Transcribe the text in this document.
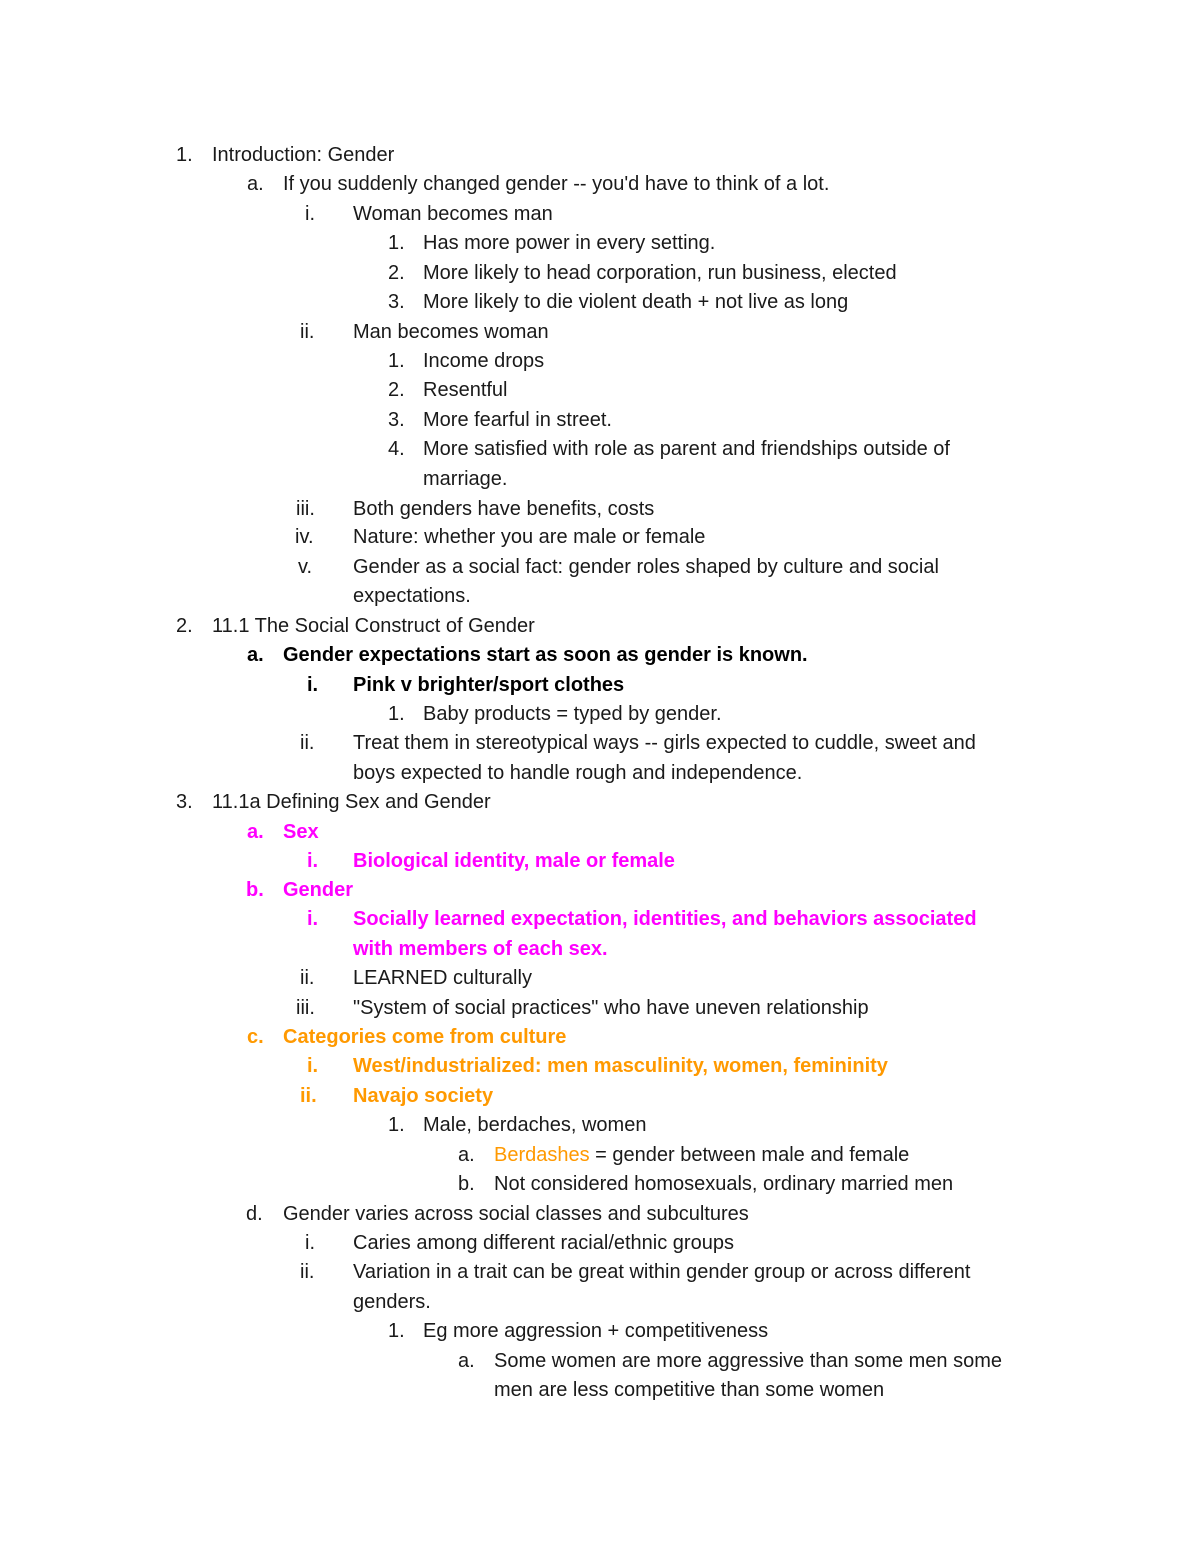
1. Introduction: Gender
a. If you suddenly changed gender -- you'd have to think of a lot.
i. Woman becomes man
1. Has more power in every setting.
2. More likely to head corporation, run business, elected
3. More likely to die violent death + not live as long
ii. Man becomes woman
1. Income drops
2. Resentful
3. More fearful in street.
4. More satisfied with role as parent and friendships outside of
marriage.
iii. Both genders have benefits, costs
iv. Nature: whether you are male or female
v. Gender as a social fact: gender roles shaped by culture and social
expectations.
2. 11.1 The Social Construct of Gender
a. Gender expectations start as soon as gender is known.
i. Pink v brighter/sport clothes
1. Baby products = typed by gender.
ii. Treat them in stereotypical ways -- girls expected to cuddle, sweet and
boys expected to handle rough and independence.
3. 11.1a Defining Sex and Gender
a. Sex
i. Biological identity, male or female
b. Gender
i. Socially learned expectation, identities, and behaviors associated
with members of each sex.
ii. LEARNED culturally
iii. "System of social practices" who have uneven relationship
c. Categories come from culture
i. West/industrialized: men masculinity, women, femininity
ii. Navajo society
1. Male, berdaches, women
a. Berdashes = gender between male and female
b. Not considered homosexuals, ordinary married men
d. Gender varies across social classes and subcultures
i. Caries among different racial/ethnic groups
ii. Variation in a trait can be great within gender group or across different
genders.
1. Eg more aggression + competitiveness
a. Some women are more aggressive than some men some
men are less competitive than some women
